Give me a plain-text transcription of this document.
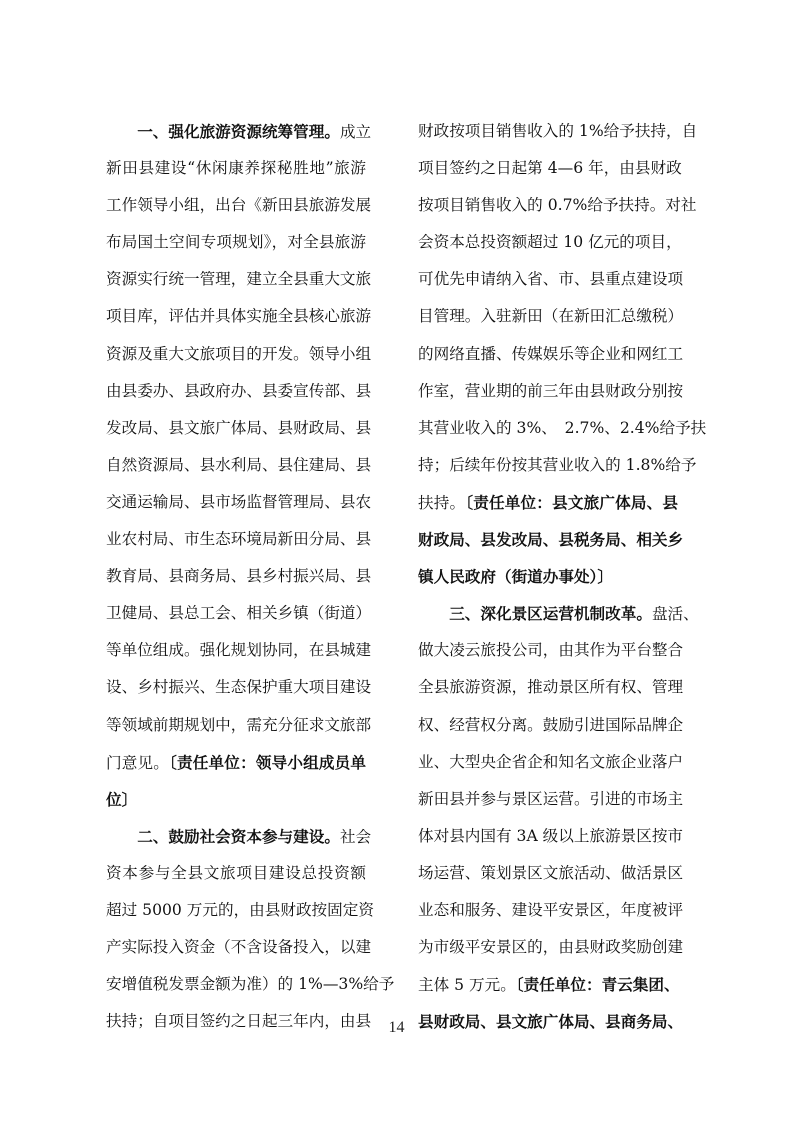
　　一、强化旅游资源统筹管理。成立
新田县建设“休闲康养探秘胜地”旅游
工作领导小组，出台《新田县旅游发展
布局国土空间专项规划》，对全县旅游
资源实行统一管理，建立全县重大文旅
项目库，评估并具体实施全县核心旅游
资源及重大文旅项目的开发。领导小组
由县委办、县政府办、县委宣传部、县
发改局、县文旅广体局、县财政局、县
自然资源局、县水利局、县住建局、县
交通运输局、县市场监督管理局、县农
业农村局、市生态环境局新田分局、县
教育局、县商务局、县乡村振兴局、县
卫健局、县总工会、相关乡镇（街道）
等单位组成。强化规划协同，在县城建
设、乡村振兴、生态保护重大项目建设
等领域前期规划中，需充分征求文旅部
门意见。〔责任单位：领导小组成员单
位〕
　　二、鼓励社会资本参与建设。社会
资本参与全县文旅项目建设总投资额
超过 5000 万元的，由县财政按固定资
产实际投入资金（不含设备投入，以建
安增值税发票金额为准）的 1%—3%给予
扶持；自项目签约之日起三年内，由县
财政按项目销售收入的 1%给予扶持，自
项目签约之日起第 4—6 年，由县财政
按项目销售收入的 0.7%给予扶持。对社
会资本总投资额超过 10 亿元的项目，
可优先申请纳入省、市、县重点建设项
目管理。入驻新田（在新田汇总缴税）
的网络直播、传媒娱乐等企业和网红工
作室，营业期的前三年由县财政分别按
其营业收入的 3%、　2.7%、2.4%给予扶
持；后续年份按其营业收入的 1.8%给予
扶持。〔责任单位：县文旅广体局、县
财政局、县发改局、县税务局、相关乡
镇人民政府（街道办事处）〕
　　三、深化景区运营机制改革。盘活、
做大凌云旅投公司，由其作为平台整合
全县旅游资源，推动景区所有权、管理
权、经营权分离。鼓励引进国际品牌企
业、大型央企省企和知名文旅企业落户
新田县并参与景区运营。引进的市场主
体对县内国有 3A 级以上旅游景区按市
场运营、策划景区文旅活动、做活景区
业态和服务、建设平安景区，年度被评
为市级平安景区的，由县财政奖励创建
主体 5 万元。〔责任单位：青云集团、
县财政局、县文旅广体局、县商务局、
14
